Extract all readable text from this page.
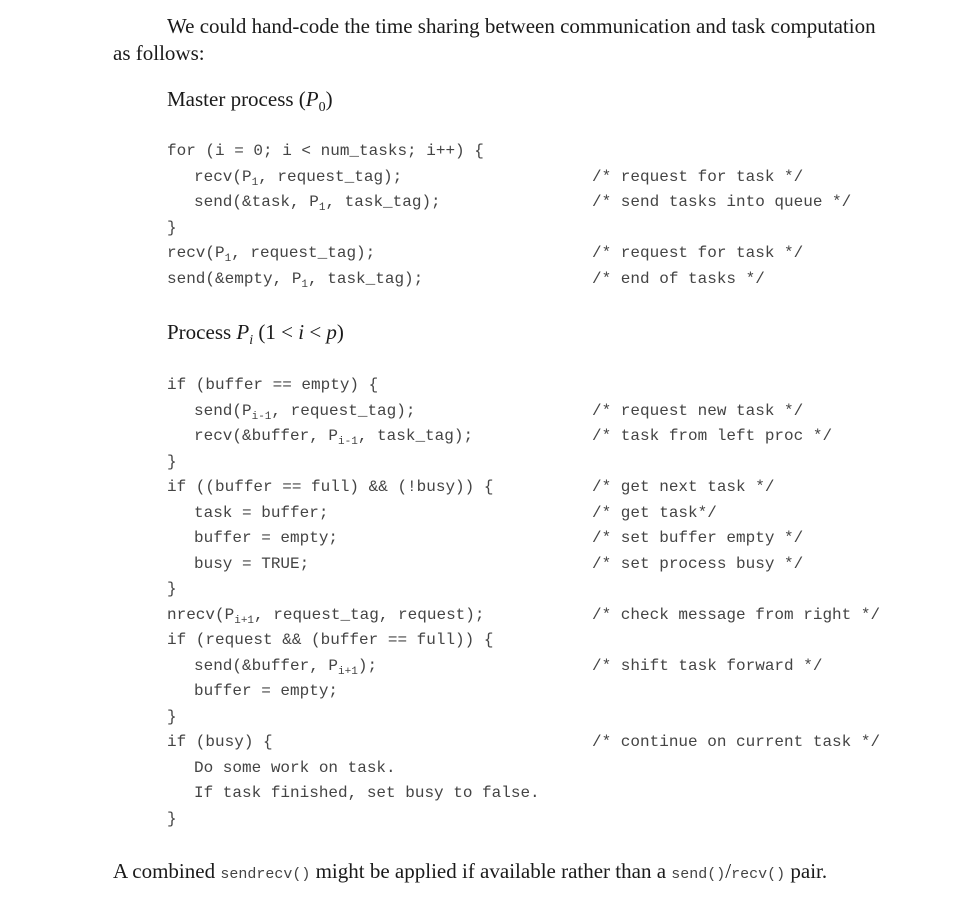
We could hand-code the time sharing between communication and task computation
as follows:
Master process $(P_0)$
for (i = 0; i < num_tasks; i++) {
$recv(P_1$, request_tag);	/* request for task */
send(&task, $P_1$, task_tag);	/* send tasks into queue */
}
$recv(P_1$, request_tag);	/* request for task */
send(&empty, $P_1$, task_tag);	/* end of tasks */
Process $P_i$ (1 < i < p)
if (buffer == empty) {
$send(P_{i-1}$, request_tag);	/* request new task */
recv(&buffer, $P_{i-1}$, task_tag);	/* task from left proc */
}
if ((buffer == full) && (!busy)) {	/* get next task */
task = buffer;	/* get task*/
buffer = empty;	/* set buffer empty */
busy = TRUE;	/* set process busy */
}
$nrecv(P_{i+1}$, request_tag, request);	/* check message from right */
if (request && (buffer == full)) {
send(&buffer, $P_{i+1}$);	/* shift task forward */
buffer = empty;
}
if (busy) {	/* continue on current task */
Do some work on task.
If task finished, set busy to false.
}
A combined sendrecv() might be applied if available rather than a send()/recv() pair.
